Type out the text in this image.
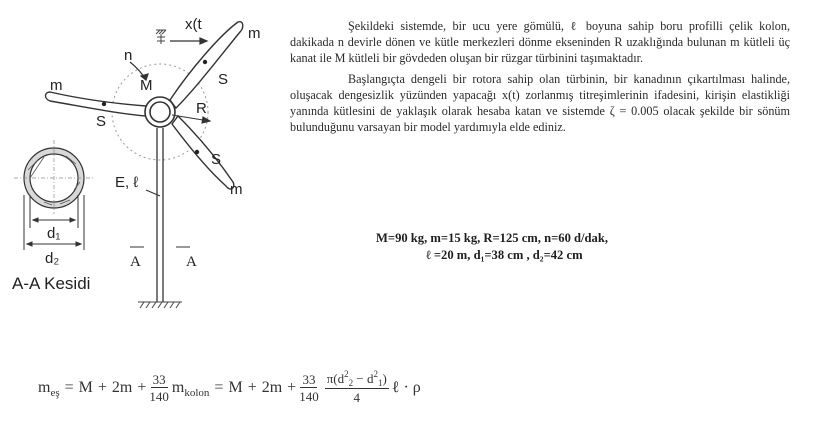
x(t
A	A
E, ℓ
n
M
R
m
m
m
S
S
S
d₁
d₂
A-A Kesidi

Şekildeki sistemde, bir ucu yere gömülü, ℓ boyuna sahip boru profilli çelik kolon, dakikada n devirle dönen ve kütle merkezleri dönme ekseninden R uzaklığında bulunan m kütleli üç kanat ile M kütleli bir gövdeden oluşan bir rüzgar türbinini taşımaktadır.

Başlangıçta dengeli bir rotora sahip olan türbinin, bir kanadının çıkartılması halinde, oluşacak dengesizlik yüzünden yapacağı x(t) zorlanmış titreşimlerinin ifadesini, kirişin elastikliği yanında kütlesini de yaklaşık olarak hesaba katan ve sistemde ζ = 0.005 olacak şekilde bir sönüm bulunduğunu varsayan bir model yardımıyla elde ediniz.

M=90 kg, m=15 kg, R=125 cm, n=60 d/dak,
ℓ =20 m, d₁=38 cm , d₂=42 cm
m eş = $M + 2m + \frac{33}{140}$ m kolon = $M + 2m + \frac{33}{140} \frac{\pi(d^2_2 - d^2_1)}{4}$ ℓ · ρ
